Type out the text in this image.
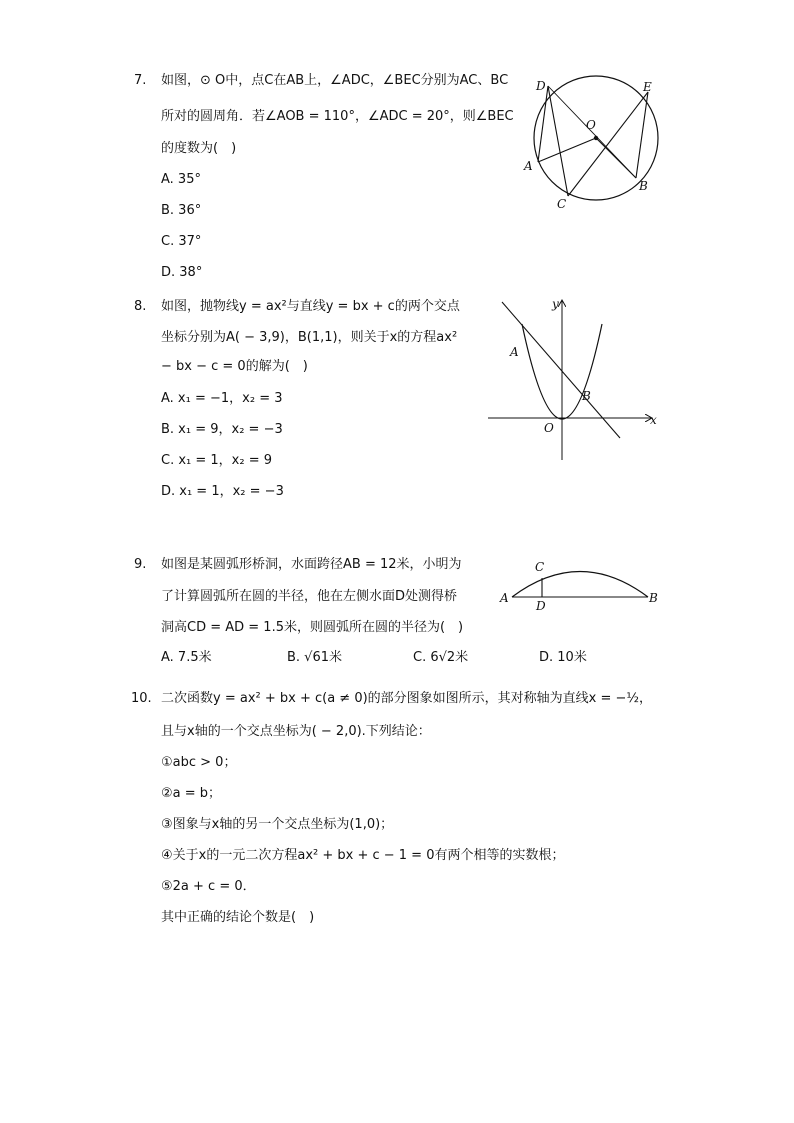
7. 如图，⊙ O中，点C在AB上，∠ADC，∠BEC分别为AC、BC
所对的圆周角．若∠AOB = 110°，∠ADC = 20°，则∠BEC
的度数为(　)
A. 35°
B. 36°
C. 37°
D. 38°
D	E
O
A
C
B
8. 如图，抛物线y = ax²与直线y = bx + c的两个交点
坐标分别为A( − 3,9)，B(1,1)，则关于x的方程ax²
− bx − c = 0的解为(　)
A. x₁ = −1，x₂ = 3
B. x₁ = 9，x₂ = −3
C. x₁ = 1，x₂ = 9
D. x₁ = 1，x₂ = −3
y
x
A
B
O
9. 如图是某圆弧形桥洞，水面跨径AB = 12米，小明为
了计算圆弧所在圆的半径，他在左侧水面D处测得桥
洞高CD = AD = 1.5米，则圆弧所在圆的半径为(　)
A. 7.5米	B. √61米	C. 6√2米	D. 10米
A	B
C
D
10. 二次函数y = ax² + bx + c(a ≠ 0)的部分图象如图所示，其对称轴为直线x = −½，
且与x轴的一个交点坐标为( − 2,0).下列结论：
①abc > 0；
②a = b；
③图象与x轴的另一个交点坐标为(1,0)；
④关于x的一元二次方程ax² + bx + c − 1 = 0有两个相等的实数根；
⑤2a + c = 0．
其中正确的结论个数是(　)
